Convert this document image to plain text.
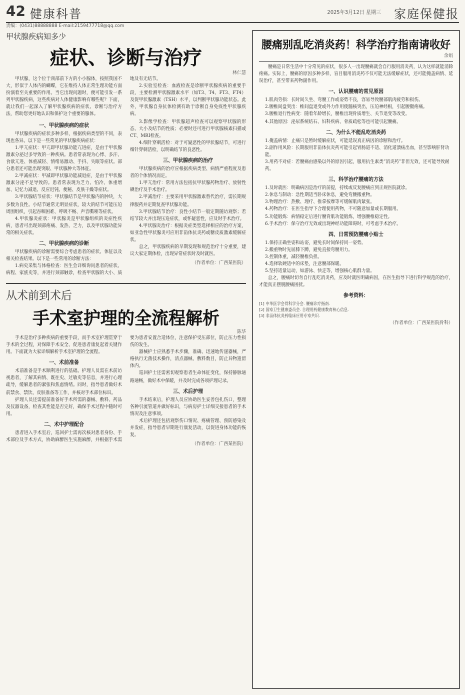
42 健康科普	2025年3月12日 星期三 家庭保健报
责编：(0431)88888888 E-mail:2159477718@qq.com
甲状腺疾病知多少
症状、诊断与治疗
林仁慧

甲状腺，这个位于颈部前下方的小小腺体，按照我国不大，形似于人体内的蝴蝶，它在维持人体正常生理功能方面扮演着至关重要的作用。当它出现问题时，便可能引发一系列甲状腺疾病，这些疾病对人体健康影响有哪些呢？下面，就让我们一起深入了解甲状腺疾病的症状、诊断与治疗方法，帮助您更好地认识和保护这个重要的腺体。

一、甲状腺疾病的症状

甲状腺疾病的症状多种多样，根据疾病类型的不同，表现也各异。以下是一些常见的甲状腺疾病症状：

1.甲亢症状：甲亢即甲状腺功能亢进症，是由于甲状腺激素分泌过多导致的一种疾病。患者常表现为心悸、多汗、食欲亢进、体重减轻、情绪易激动、手抖、失眠等症状。部分患者还可能出现突眼、甲状腺肿大等体征。

2.甲减症状：甲减即甲状腺功能减退症，是由于甲状腺激素分泌不足导致的。患者常表现为乏力、怕冷、体重增加、记忆力减退、反应迟钝、便秘、皮肤干燥等症状。

3.甲状腺结节症状：甲状腺结节是甲状腺内的肿块，大多数为良性。小结节通常无明显症状，较大的结节可能压迫周围组织，引起吞咽困难、呼吸不畅、声音嘶哑等症状。

4.甲状腺炎症状：甲状腺炎是甲状腺组织的炎症性疾病，患者可出现颈部疼痛、发热、乏力，以及甲状腺功能异常的相关症状。

二、甲状腺疾病的诊断

甲状腺疾病的诊断需要综合考虑患者的症状、体征以及相关检查结果。以下是一些常用的诊断方法：

1.病史采集与体格检查：医生会详细询问患者的症状、病程、家族史等，并进行颈部触诊，检查甲状腺的大小、质地及有无结节。

2.实验室检查：血液检查是诊断甲状腺疾病的重要手段，主要检测甲状腺激素水平（如T3、T4、FT3、FT4）及促甲状腺激素（TSH）水平，以判断甲状腺功能状态。此外，甲状腺自身抗体检测有助于诊断自身免疫性甲状腺疾病。

3.影像学检查：甲状腺超声检查可以观察甲状腺的形态、大小及结节的性质；必要时还可进行甲状腺核素扫描或CT、MRI检查。

4.细针穿刺活检：对于可疑恶性的甲状腺结节，可进行细针穿刺活检，以明确结节的良恶性。

三、甲状腺疾病的治疗

甲状腺疾病的治疗应根据疾病类型、病情严重程度及患者的个体情况而定。

1.甲亢治疗：常用方法包括抗甲状腺药物治疗、放射性碘治疗及手术治疗。

2.甲减治疗：主要采用甲状腺激素替代治疗，需长期规律服药并定期复查甲状腺功能。

3.甲状腺结节治疗：良性小结节一般定期随访观察；若结节较大并出现压迫症状，或怀疑恶性，应及时手术治疗。

4.甲状腺炎治疗：根据炎症类型选择相应的治疗方案，如亚急性甲状腺炎可应用非甾体抗炎药或糖皮质激素缓解症状。

总之，甲状腺疾病的早期发现和规范治疗十分重要，建议大家定期体检，出现异常症状时及时就医。

（作者单位：广西某医院）
从术前到术后
手术室护理的全流程解析
陈华

手术是治疗多种疾病的重要手段，而手术室护理贯穿于手术的全过程，对保障手术安全、促进患者康复起着关键作用。下面就为大家详细解析手术室护理的全流程。

一、术前准备

术前准备是手术顺利进行的基础。护理人员需在术前访视患者，了解其病情、既往史、过敏史等信息，并进行心理疏导，缓解患者的紧张和焦虑情绪。同时，指导患者做好术前禁食、禁饮、皮肤准备等工作，并核对手术部位标识。

护理人员还需提前准备好手术所需的器械、敷料、药品及仪器设备，检查其性能是否完好，确保手术过程中随时可用。

二、术中护理配合

患者进入手术室后，巡回护士需再次核对患者身份、手术部位及手术方式，协助麻醉医生实施麻醉，并根据手术需要为患者安置合适体位，注意保护受压部位，防止压力性损伤的发生。

器械护士应熟悉手术步骤，准确、迅速地传递器械，严格执行无菌技术操作，清点器械、敷料数目，防止异物遗留体内。

巡回护士还需密切观察患者生命体征变化，保持静脉通路通畅，做好术中保暖，并及时完成各项护理记录。

三、术后护理

手术结束后，护理人员应协助医生妥善包扎伤口，整理各种引流管道并做好标识，与病房护士详细交接患者的手术情况及注意事项。

术后护理还包括观察伤口情况、疼痛管理、预防感染及并发症，指导患者早期进行康复活动，以促进身体功能的恢复。

（作者单位：广西某医院）
腰痛别乱吃消炎药！科学治疗指南请收好
余娟

腰痛是日常生活中十分常见的症状，很多人一出现腰痛就会自行服用消炎药，认为这样就能消除疼痛。实际上，腰痛的原因多种多样，盲目服用消炎药不仅可能无法缓解症状，还可能掩盖病情、延误治疗，甚至带来药物副作用。

一、认识腰痛的常见原因

1.肌肉劳损：长时间久坐、弯腰工作或姿势不良，容易导致腰部肌肉疲劳和损伤。

2.腰椎间盘突出：椎间盘退变或外力作用使髓核突出，压迫神经根，引起腰腿疼痛。

3.腰椎退行性病变：随着年龄增长，腰椎出现骨质增生、关节退变等改变。

4.其他原因：泌尿系统结石、妇科疾病、骨质疏松等也可能引起腰痛。

二、为什么不能乱吃消炎药

1.掩盖病情：止痛只是暂时缓解症状，可能延误真正病因的诊断和治疗。

2.副作用风险：长期服用非甾体抗炎药可能引起胃肠道不适、消化道溃疡出血，甚至影响肝肾功能。

3.用药不对症：若腰痛由感染以外的原因引起，服用抗生素类“消炎药”非但无效，还可能导致耐药。

三、科学治疗腰痛的方法

1.及时就医：明确病因是治疗的前提，持续或反复腰痛应到正规医院就诊。

2.休息与制动：急性期适当卧床休息，避免弯腰搬重物。

3.物理治疗：热敷、理疗、推拿按摩等可缓解肌肉紧张。

4.药物治疗：在医生指导下合理使用药物，不可随意加量或长期服用。

5.功能锻炼：病情稳定后进行腰背肌功能锻炼，增强腰椎稳定性。

6.手术治疗：保守治疗无效或出现神经功能障碍时，可考虑手术治疗。

四、日常预防腰痛小贴士

1.保持正确坐姿和站姿，避免长时间保持同一姿势。

2.搬重物时先屈膝下蹲，避免直接弯腰用力。

3.控制体重，减轻腰椎负担。

4.选择软硬适中的床垫，注意腰部保暖。

5.坚持适量运动，如游泳、快走等，增强核心肌群力量。

总之，腰痛时切勿自行乱吃消炎药，应及时就医明确病因，在医生指导下进行科学规范的治疗，才能真正摆脱腰痛困扰。

参考资料：

[1] 中华医学会骨科学分会. 腰痛诊疗指南.

[2] 国家卫生健康委员会. 合理用药健康教育核心信息.

[3] 非甾体抗炎药临床应用专家共识.

（作者单位：广西某医院骨科）
